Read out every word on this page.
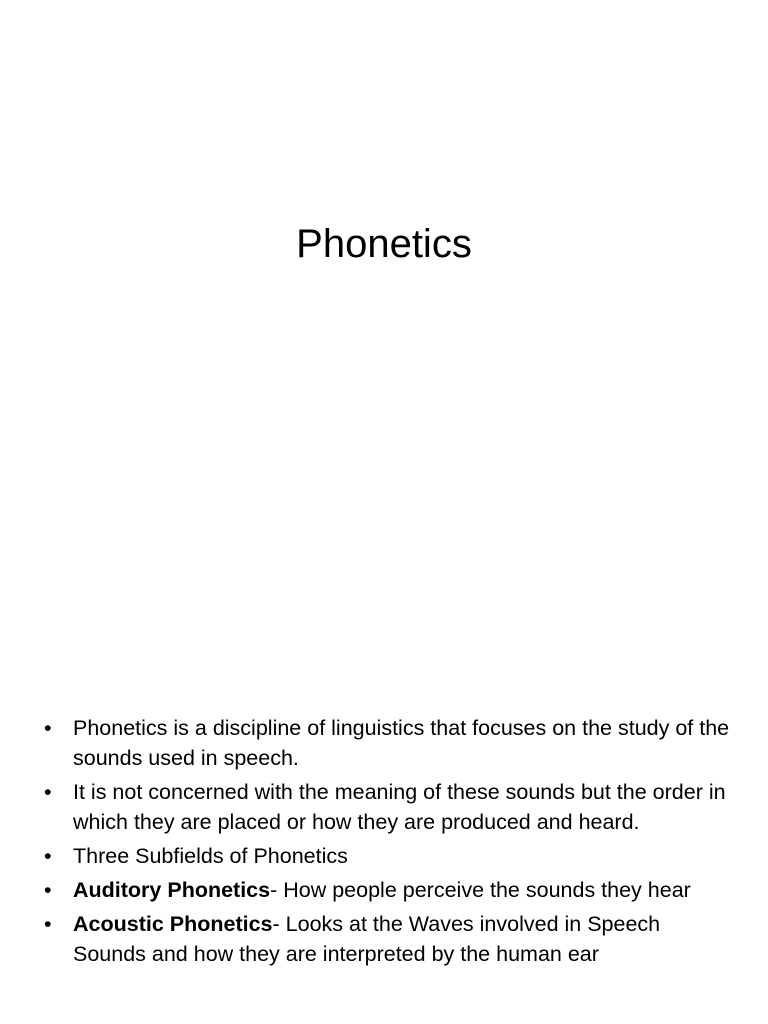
Phonetics
• Phonetics is a discipline of linguistics that focuses on the study of the sounds used in speech.
• It is not concerned with the meaning of these sounds but the order in which they are placed or how they are produced and heard.
• Three Subfields of Phonetics
• Auditory Phonetics- How people perceive the sounds they hear
• Acoustic Phonetics- Looks at the Waves involved in Speech Sounds and how they are interpreted by the human ear
